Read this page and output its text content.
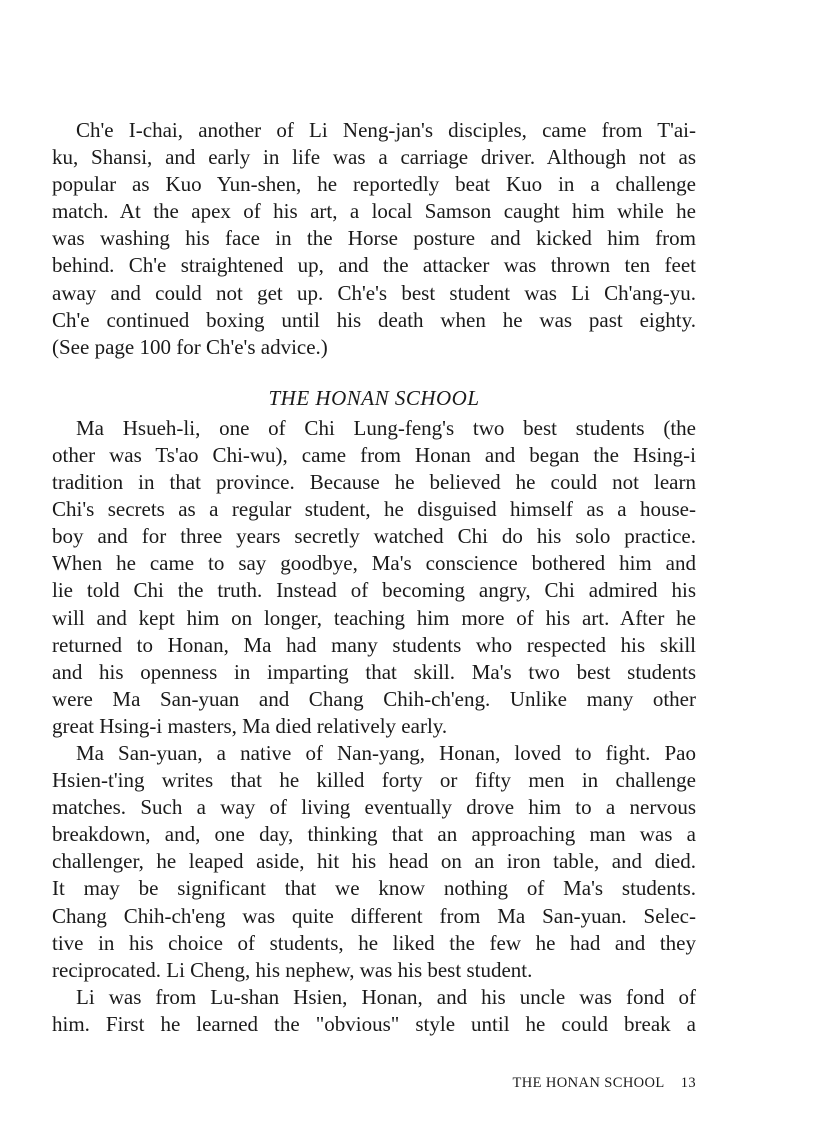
Ch'e I-chai, another of Li Neng-jan's disciples, came from T'ai-
ku, Shansi, and early in life was a carriage driver. Although not as
popular as Kuo Yun-shen, he reportedly beat Kuo in a challenge
match. At the apex of his art, a local Samson caught him while he
was washing his face in the Horse posture and kicked him from
behind. Ch'e straightened up, and the attacker was thrown ten feet
away and could not get up. Ch'e's best student was Li Ch'ang-yu.
Ch'e continued boxing until his death when he was past eighty.
(See page 100 for Ch'e's advice.)
THE HONAN SCHOOL
Ma Hsueh-li, one of Chi Lung-feng's two best students (the
other was Ts'ao Chi-wu), came from Honan and began the Hsing-i
tradition in that province. Because he believed he could not learn
Chi's secrets as a regular student, he disguised himself as a house-
boy and for three years secretly watched Chi do his solo practice.
When he came to say goodbye, Ma's conscience bothered him and
lie told Chi the truth. Instead of becoming angry, Chi admired his
will and kept him on longer, teaching him more of his art. After he
returned to Honan, Ma had many students who respected his skill
and his openness in imparting that skill. Ma's two best students
were Ma San-yuan and Chang Chih-ch'eng. Unlike many other
great Hsing-i masters, Ma died relatively early.
Ma San-yuan, a native of Nan-yang, Honan, loved to fight. Pao
Hsien-t'ing writes that he killed forty or fifty men in challenge
matches. Such a way of living eventually drove him to a nervous
breakdown, and, one day, thinking that an approaching man was a
challenger, he leaped aside, hit his head on an iron table, and died.
It may be significant that we know nothing of Ma's students.
Chang Chih-ch'eng was quite different from Ma San-yuan. Selec-
tive in his choice of students, he liked the few he had and they
reciprocated. Li Cheng, his nephew, was his best student.
Li was from Lu-shan Hsien, Honan, and his uncle was fond of
him. First he learned the "obvious" style until he could break a
THE HONAN SCHOOL 13
